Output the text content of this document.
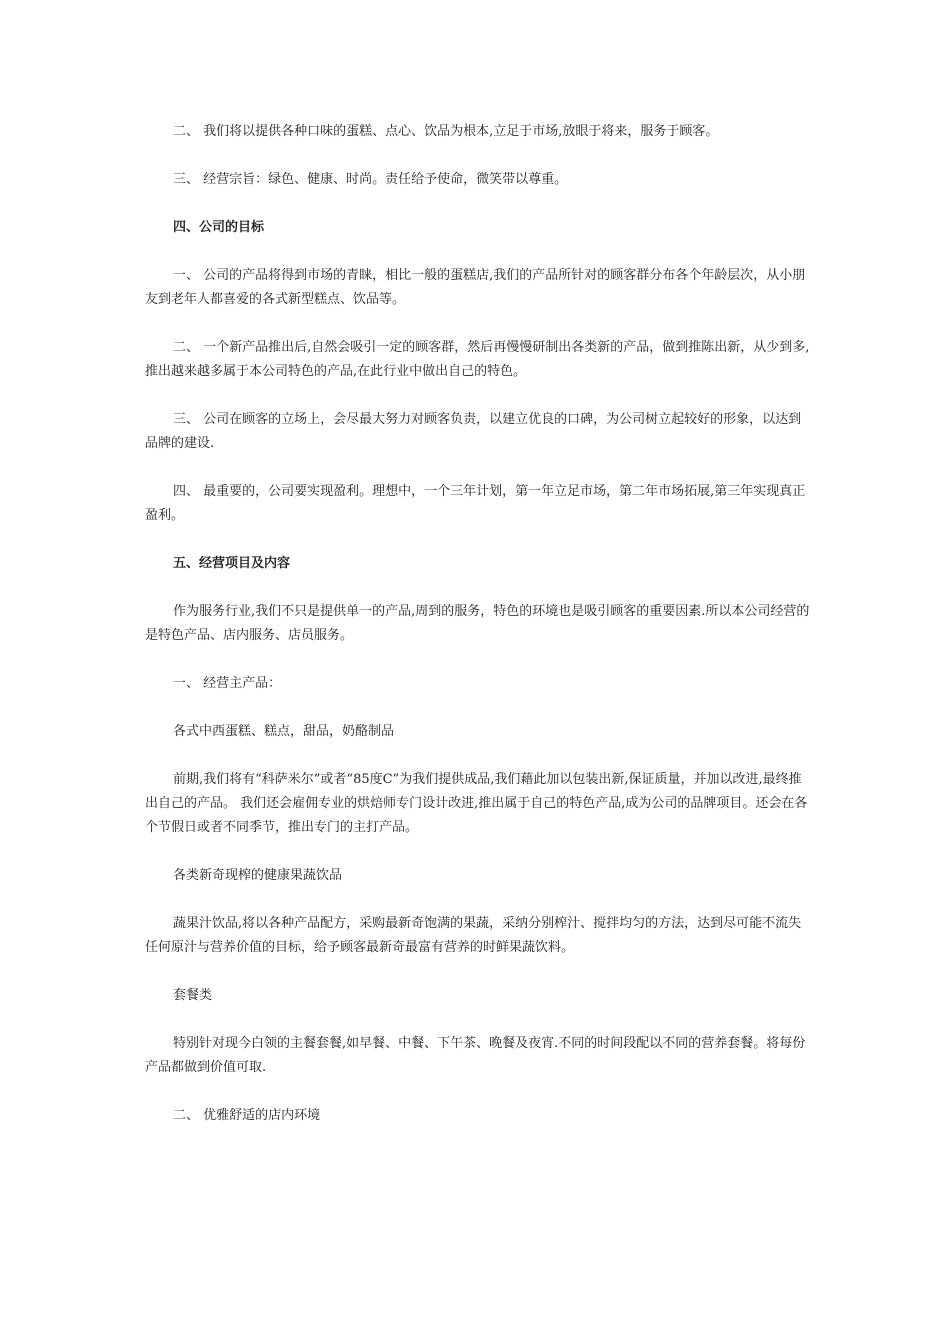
二、 我们将以提供各种口味的蛋糕、点心、饮品为根本,立足于市场,放眼于将来，服务于顾客。

三、 经营宗旨：绿色、健康、时尚。责任给予使命，微笑带以尊重。

四、公司的目标

一、 公司的产品将得到市场的青睐，相比一般的蛋糕店,我们的产品所针对的顾客群分布各个年龄层次，从小朋友到老年人都喜爱的各式新型糕点、饮品等。

二、 一个新产品推出后,自然会吸引一定的顾客群，然后再慢慢研制出各类新的产品，做到推陈出新，从少到多,推出越来越多属于本公司特色的产品,在此行业中做出自己的特色。

三、 公司在顾客的立场上，会尽最大努力对顾客负责，以建立优良的口碑，为公司树立起较好的形象，以达到品牌的建设.

四、 最重要的，公司要实现盈利。理想中，一个三年计划，第一年立足市场，第二年市场拓展,第三年实现真正盈利。

五、经营项目及内容

作为服务行业,我们不只是提供单一的产品,周到的服务，特色的环境也是吸引顾客的重要因素.所以本公司经营的是特色产品、店内服务、店员服务。

一、 经营主产品：

各式中西蛋糕、糕点，甜品，奶酪制品

前期,我们将有“科萨米尔”或者“85度C”为我们提供成品,我们藉此加以包装出新,保证质量，并加以改进,最终推出自己的产品。 我们还会雇佣专业的烘焙师专门设计改进,推出属于自己的特色产品,成为公司的品牌项目。还会在各个节假日或者不同季节，推出专门的主打产品。

各类新奇现榨的健康果蔬饮品

蔬果汁饮品,将以各种产品配方，采购最新奇饱满的果蔬，采纳分别榨汁、搅拌均匀的方法，达到尽可能不流失任何原汁与营养价值的目标，给予顾客最新奇最富有营养的时鲜果蔬饮料。

套餐类

特别针对现今白领的主餐套餐,如早餐、中餐、下午茶、晚餐及夜宵.不同的时间段配以不同的营养套餐。将每份产品都做到价值可取.

二、 优雅舒适的店内环境
